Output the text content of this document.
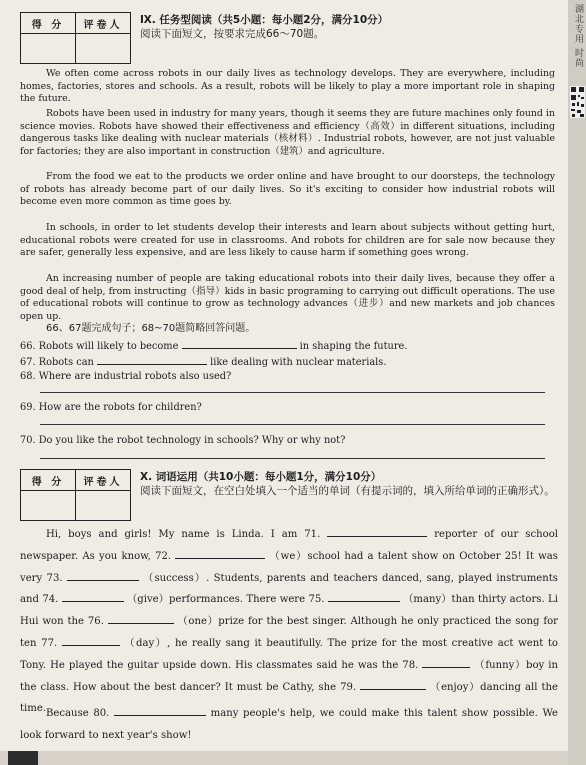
得 分	评卷人
	Ⅸ. 任务型阅读（共5小题：每小题2分，满分10分）
阅读下面短文，按要求完成66～70题。

We often come across robots in our daily lives as technology develops. They are everywhere, including homes, factories, stores and schools. As a result, robots will be likely to play a more important role in shaping the future.

Robots have been used in industry for many years, though it seems they are future machines only found in science movies. Robots have showed their effectiveness and efficiency（高效）in different situations, including dangerous tasks like dealing with nuclear materials（核材料）. Industrial robots, however, are not just valuable for factories; they are also important in construction（建筑）and agriculture.

From the food we eat to the products we order online and have brought to our doorsteps, the technology of robots has already become part of our daily lives. So it's exciting to consider how industrial robots will become even more common as time goes by.

In schools, in order to let students develop their interests and learn about subjects without getting hurt, educational robots were created for use in classrooms. And robots for children are for sale now because they are safer, generally less expensive, and are less likely to cause harm if something goes wrong.

An increasing number of people are taking educational robots into their daily lives, because they offer a good deal of help, from instructing（指导）kids in basic programing to carrying out difficult operations. The use of educational robots will continue to grow as technology advances（进步）and new markets and job chances open up.

66、67题完成句子；68~70题简略回答问题。
66. Robots will likely to become	in shaping the future.
67. Robots can	like dealing with nuclear materials.
68. Where are industrial robots also used?
69. How are the robots for children?
70. Do you like the robot technology in schools? Why or why not?
得 分	评卷人
	Ⅹ. 词语运用（共10小题：每小题1分，满分10分）
阅读下面短文，在空白处填入一个适当的单词（有提示词的，填入所给单词的正确形式）。

Hi, boys and girls! My name is Linda. I am 71.	reporter of our school newspaper. As you know, 72.	（we）school had a talent show on October 25! It was very 73.	（success）. Students, parents and teachers danced, sang, played instruments and 74.	（give）performances. There were 75.	（many）than thirty actors. Li Hui won the 76.	（one）prize for the best singer. Although he only practiced the song for ten 77.	（day）, he really sang it beautifully. The prize for the most creative act went to Tony. He played the guitar upside down. His classmates said he was the 78.	（funny）boy in the class. How about the best dancer? It must be Cathy, she 79.	（enjoy）dancing all the time. Because 80.	many people's help, we could make this talent show possible. We look forward to next year's show!

湖北专用 时尚
